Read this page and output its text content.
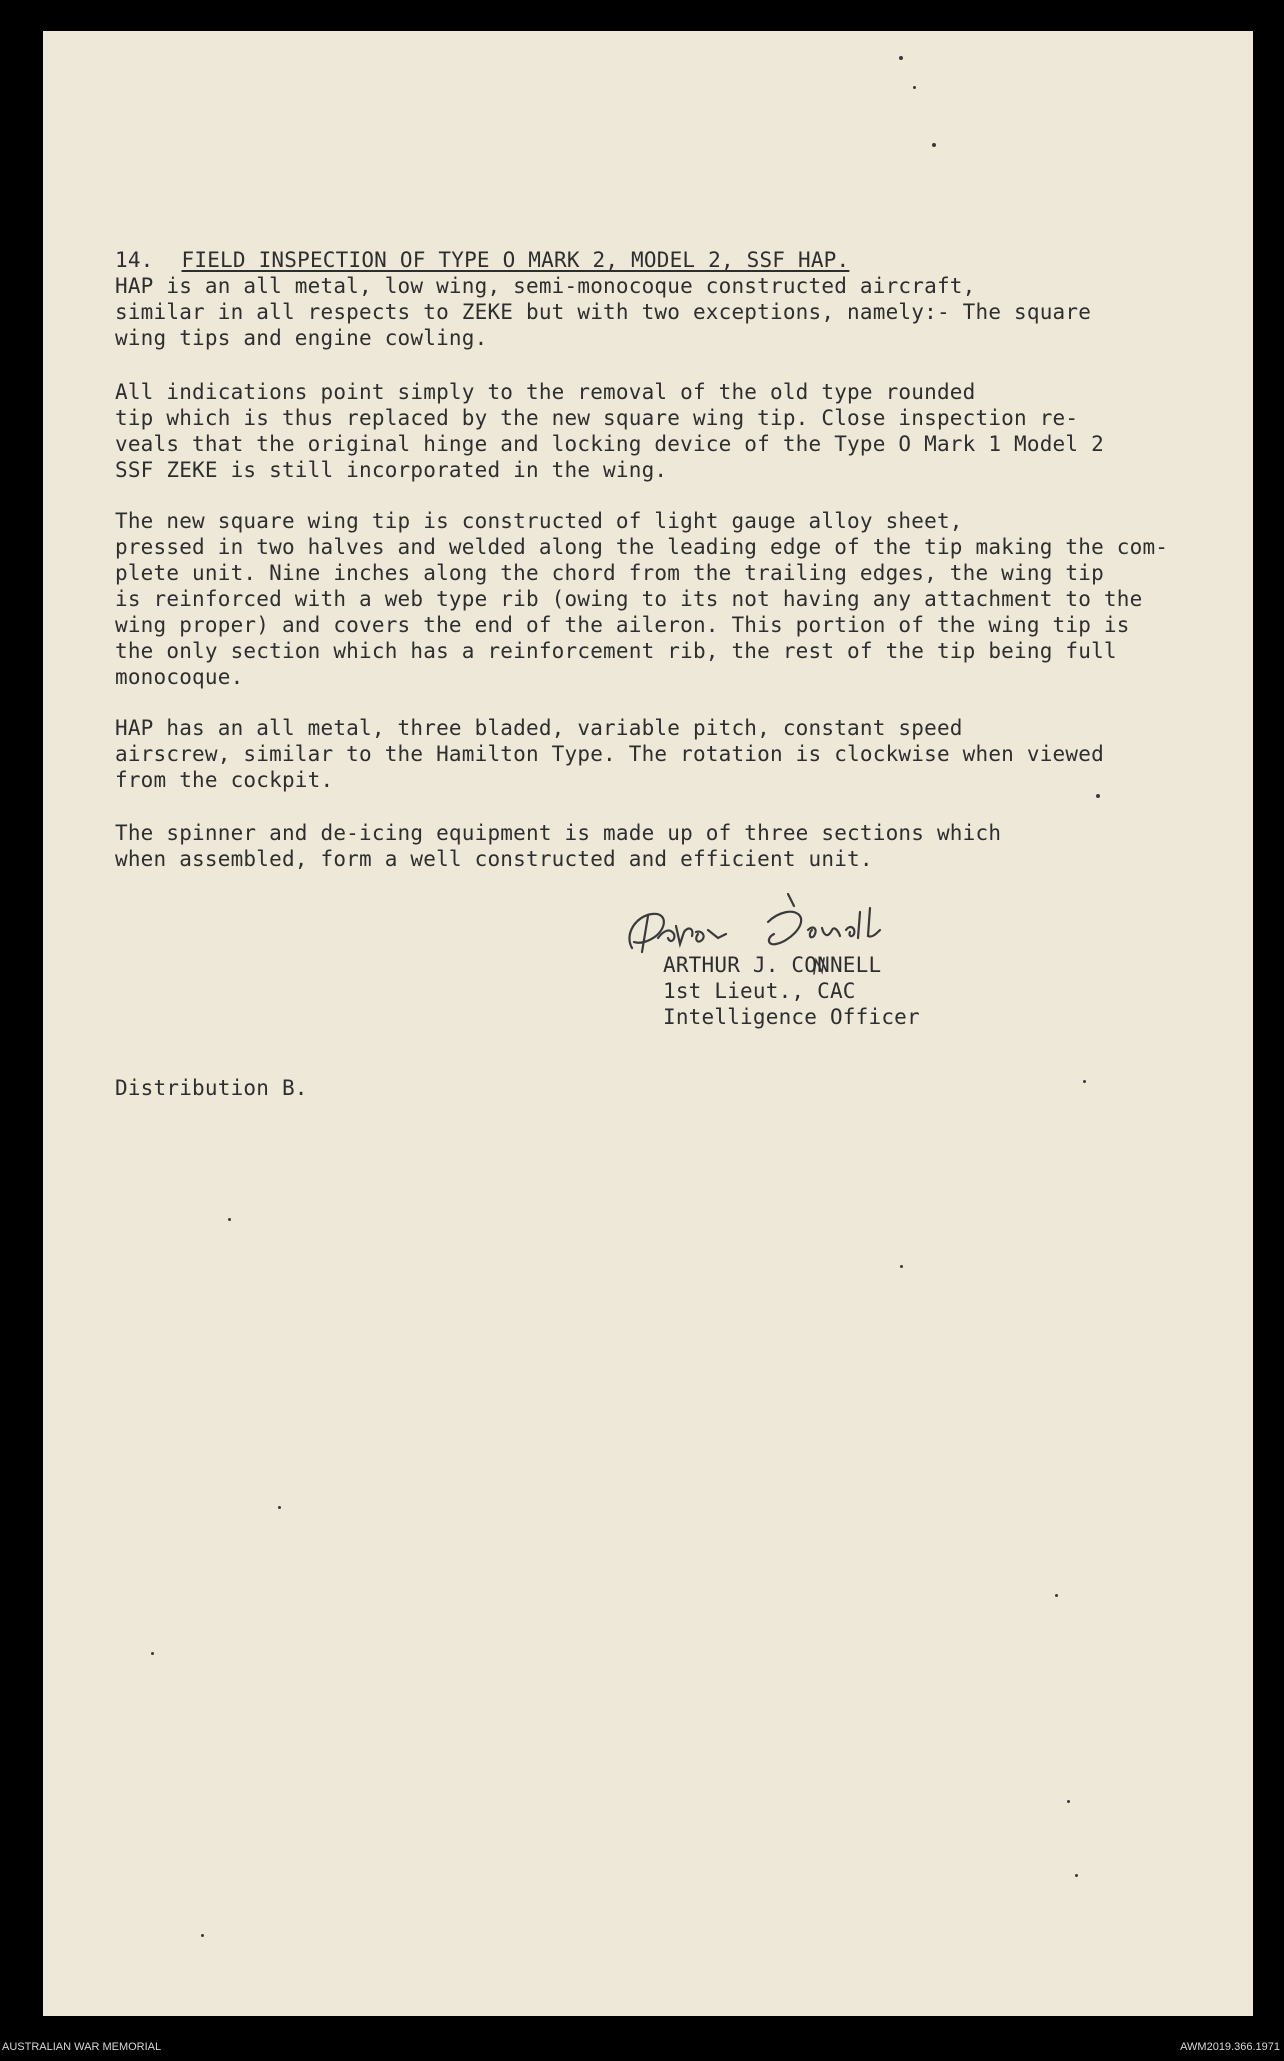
14. FIELD INSPECTION OF TYPE O MARK 2, MODEL 2, SSF HAP.
HAP is an all metal, low wing, semi-monocoque constructed aircraft,
similar in all respects to ZEKE but with two exceptions, namely:- The square
wing tips and engine cowling.
All indications point simply to the removal of the old type rounded
tip which is thus replaced by the new square wing tip. Close inspection re-
veals that the original hinge and locking device of the Type O Mark 1 Model 2
SSF ZEKE is still incorporated in the wing.
The new square wing tip is constructed of light gauge alloy sheet,
pressed in two halves and welded along the leading edge of the tip making the com-
plete unit. Nine inches along the chord from the trailing edges, the wing tip
is reinforced with a web type rib (owing to its not having any attachment to the
wing proper) and covers the end of the aileron. This portion of the wing tip is
the only section which has a reinforcement rib, the rest of the tip being full
monocoque.
HAP has an all metal, three bladed, variable pitch, constant speed
airscrew, similar to the Hamilton Type. The rotation is clockwise when viewed
from the cockpit.
The spinner and de-icing equipment is made up of three sections which
when assembled, form a well constructed and efficient unit.
ARTHUR J. CONNELL
1st Lieut., CAC
Intelligence Officer
Distribution B.
AUSTRALIAN WAR MEMORIAL	AWM2019.366.1971
